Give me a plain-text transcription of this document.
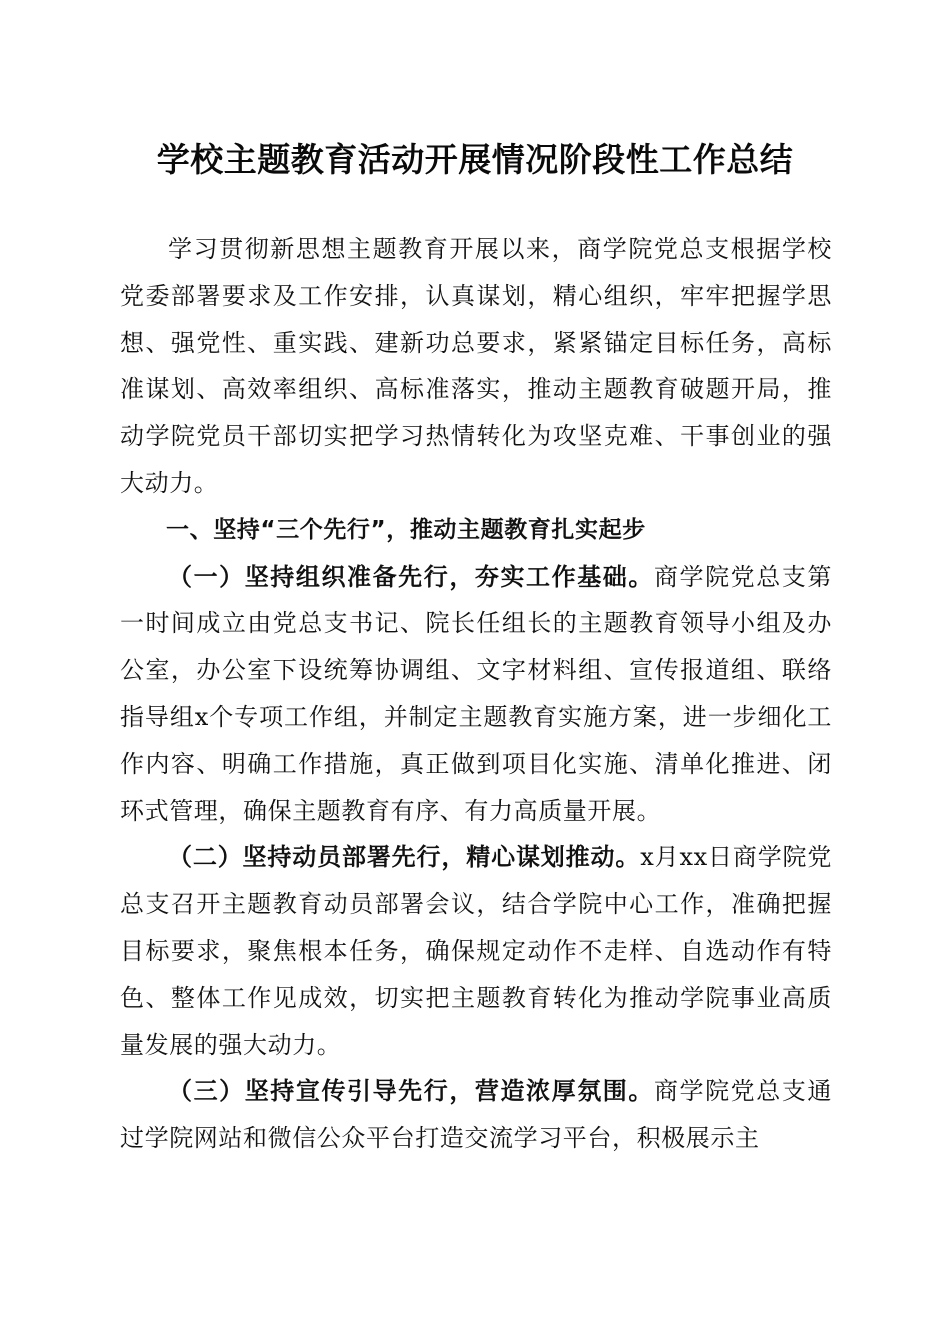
学校主题教育活动开展情况阶段性工作总结

学习贯彻新思想主题教育开展以来，商学院党总支根据学校党委部署要求及工作安排，认真谋划，精心组织，牢牢把握学思想、强党性、重实践、建新功总要求，紧紧锚定目标任务，高标准谋划、高效率组织、高标准落实，推动主题教育破题开局，推动学院党员干部切实把学习热情转化为攻坚克难、干事创业的强大动力。

一、坚持“三个先行”，推动主题教育扎实起步

（一）坚持组织准备先行，夯实工作基础。商学院党总支第一时间成立由党总支书记、院长任组长的主题教育领导小组及办公室，办公室下设统筹协调组、文字材料组、宣传报道组、联络指导组x个专项工作组，并制定主题教育实施方案，进一步细化工作内容、明确工作措施，真正做到项目化实施、清单化推进、闭环式管理，确保主题教育有序、有力高质量开展。

（二）坚持动员部署先行，精心谋划推动。x月xx日商学院党总支召开主题教育动员部署会议，结合学院中心工作，准确把握目标要求，聚焦根本任务，确保规定动作不走样、自选动作有特色、整体工作见成效，切实把主题教育转化为推动学院事业高质量发展的强大动力。

（三）坚持宣传引导先行，营造浓厚氛围。商学院党总支通过学院网站和微信公众平台打造交流学习平台，积极展示主
